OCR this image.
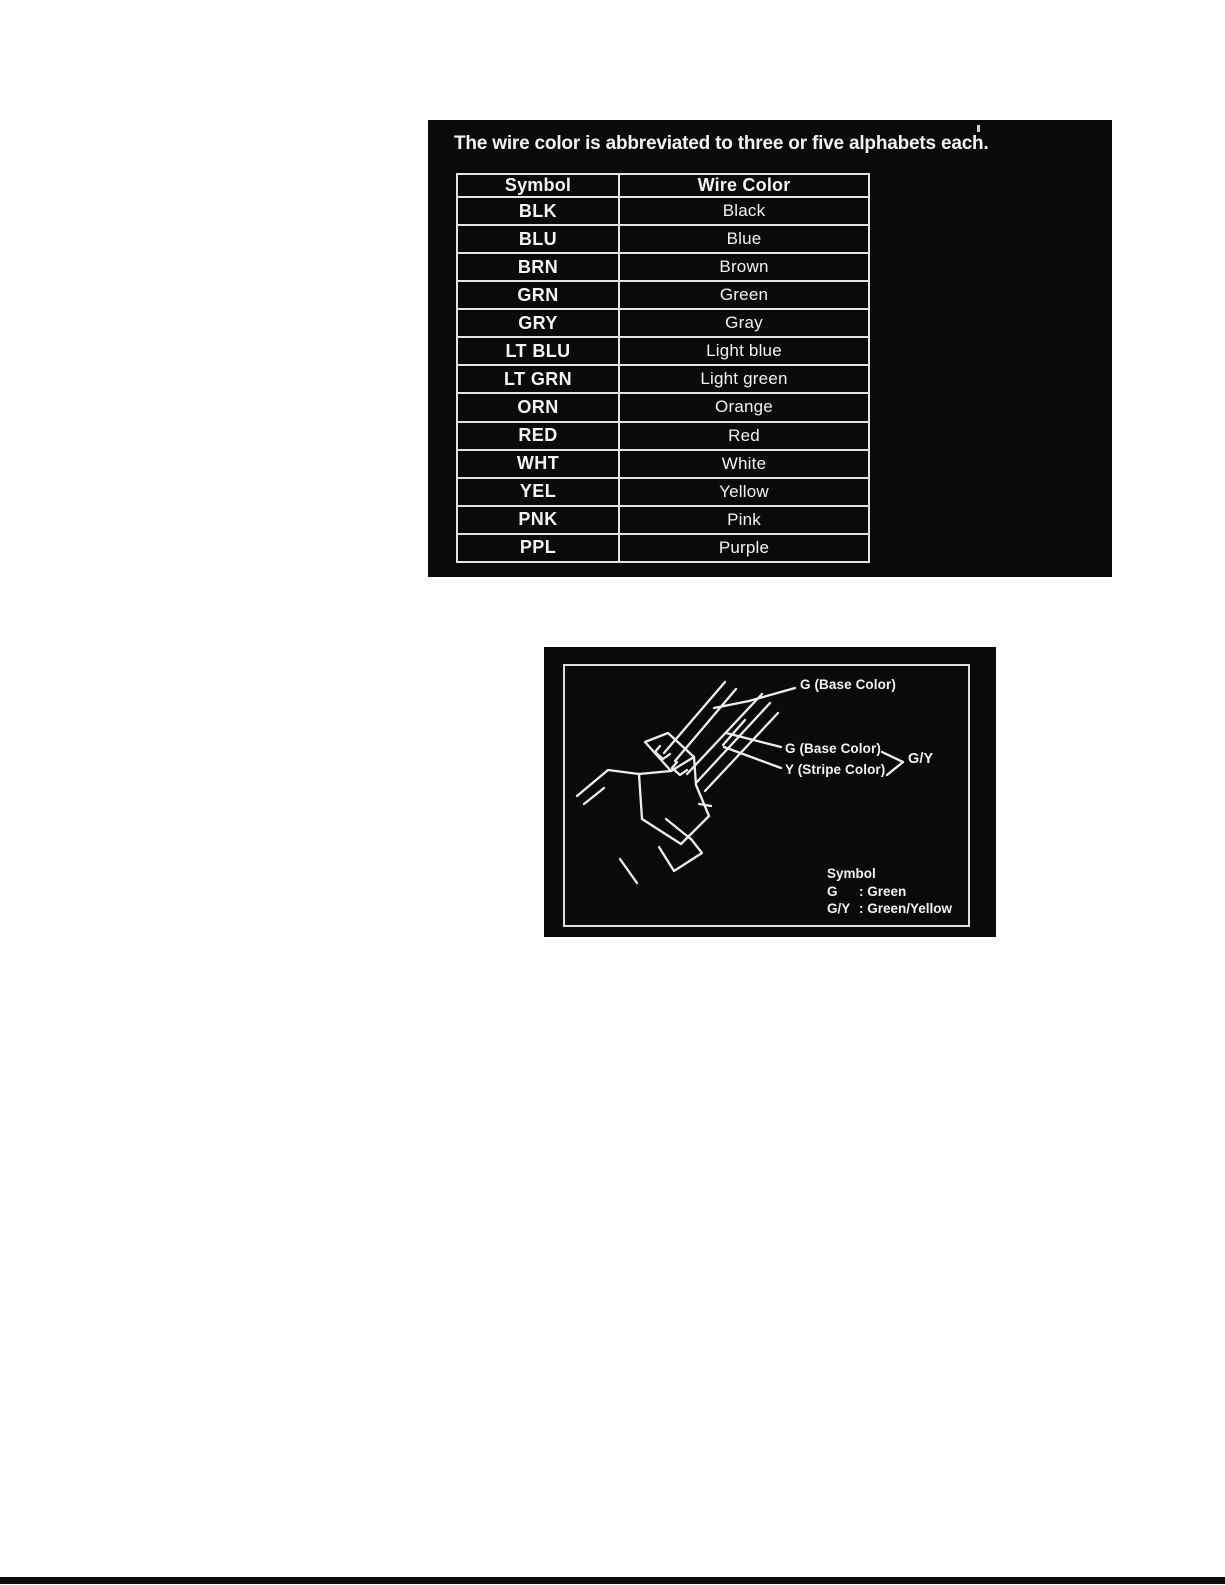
The wire color is abbreviated to three or five alphabets each.

Symbol	Wire Color
BLK	Black
BLU	Blue
BRN	Brown
GRN	Green
GRY	Gray
LT BLU	Light blue
LT GRN	Light green
ORN	Orange
RED	Red
WHT	White
YEL	Yellow
PNK	Pink
PPL	Purple
G (Base Color)
G (Base Color)
Y (Stripe Color)
G/Y
Symbol
G : Green
G/Y : Green/Yellow
